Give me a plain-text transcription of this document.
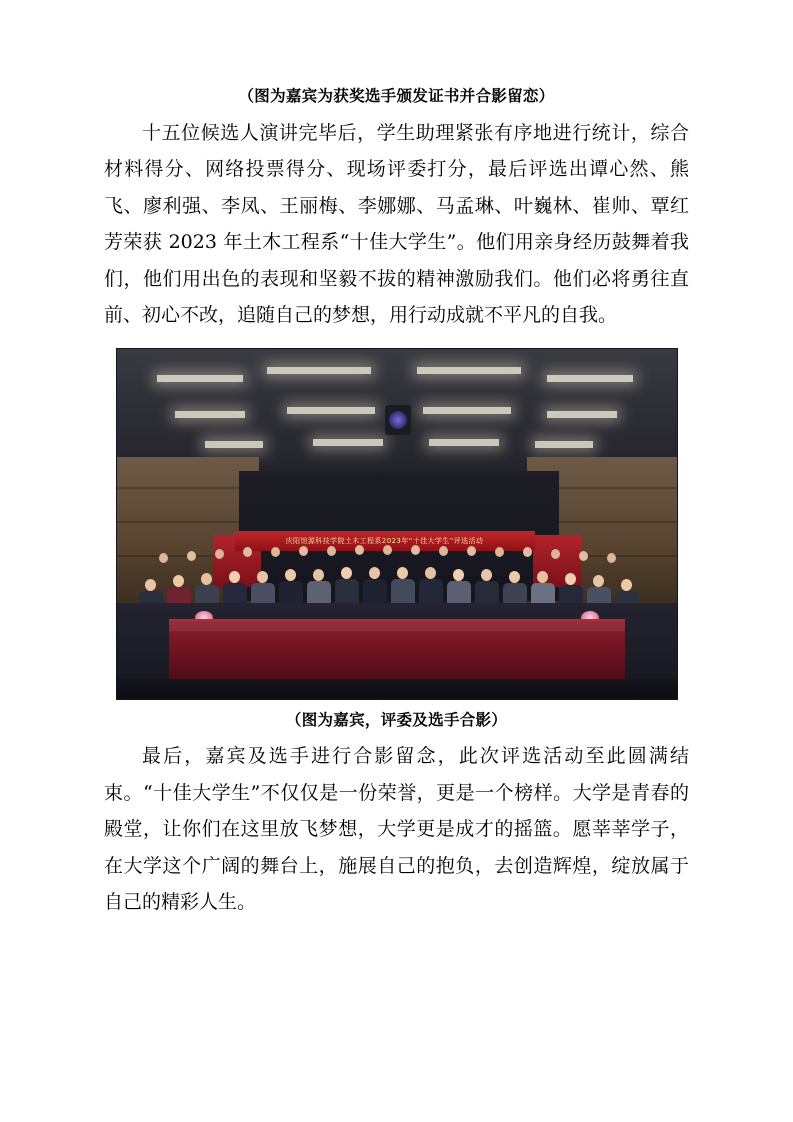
（图为嘉宾为获奖选手颁发证书并合影留恋）

十五位候选人演讲完毕后，学生助理紧张有序地进行统计，综合材料得分、网络投票得分、现场评委打分，最后评选出谭心然、熊飞、廖利强、李凤、王丽梅、李娜娜、马孟琳、叶巍林、崔帅、覃红芳荣获 2023 年土木工程系“十佳大学生”。他们用亲身经历鼓舞着我们，他们用出色的表现和坚毅不拔的精神激励我们。他们必将勇往直前、初心不改，追随自己的梦想，用行动成就不平凡的自我。

庆阳馆源科技学院土木工程系2023年“十佳大学生”评选活动

（图为嘉宾，评委及选手合影）

最后，嘉宾及选手进行合影留念，此次评选活动至此圆满结束。“十佳大学生”不仅仅是一份荣誉，更是一个榜样。大学是青春的殿堂，让你们在这里放飞梦想，大学更是成才的摇篮。愿莘莘学子，在大学这个广阔的舞台上，施展自己的抱负，去创造辉煌，绽放属于自己的精彩人生。
